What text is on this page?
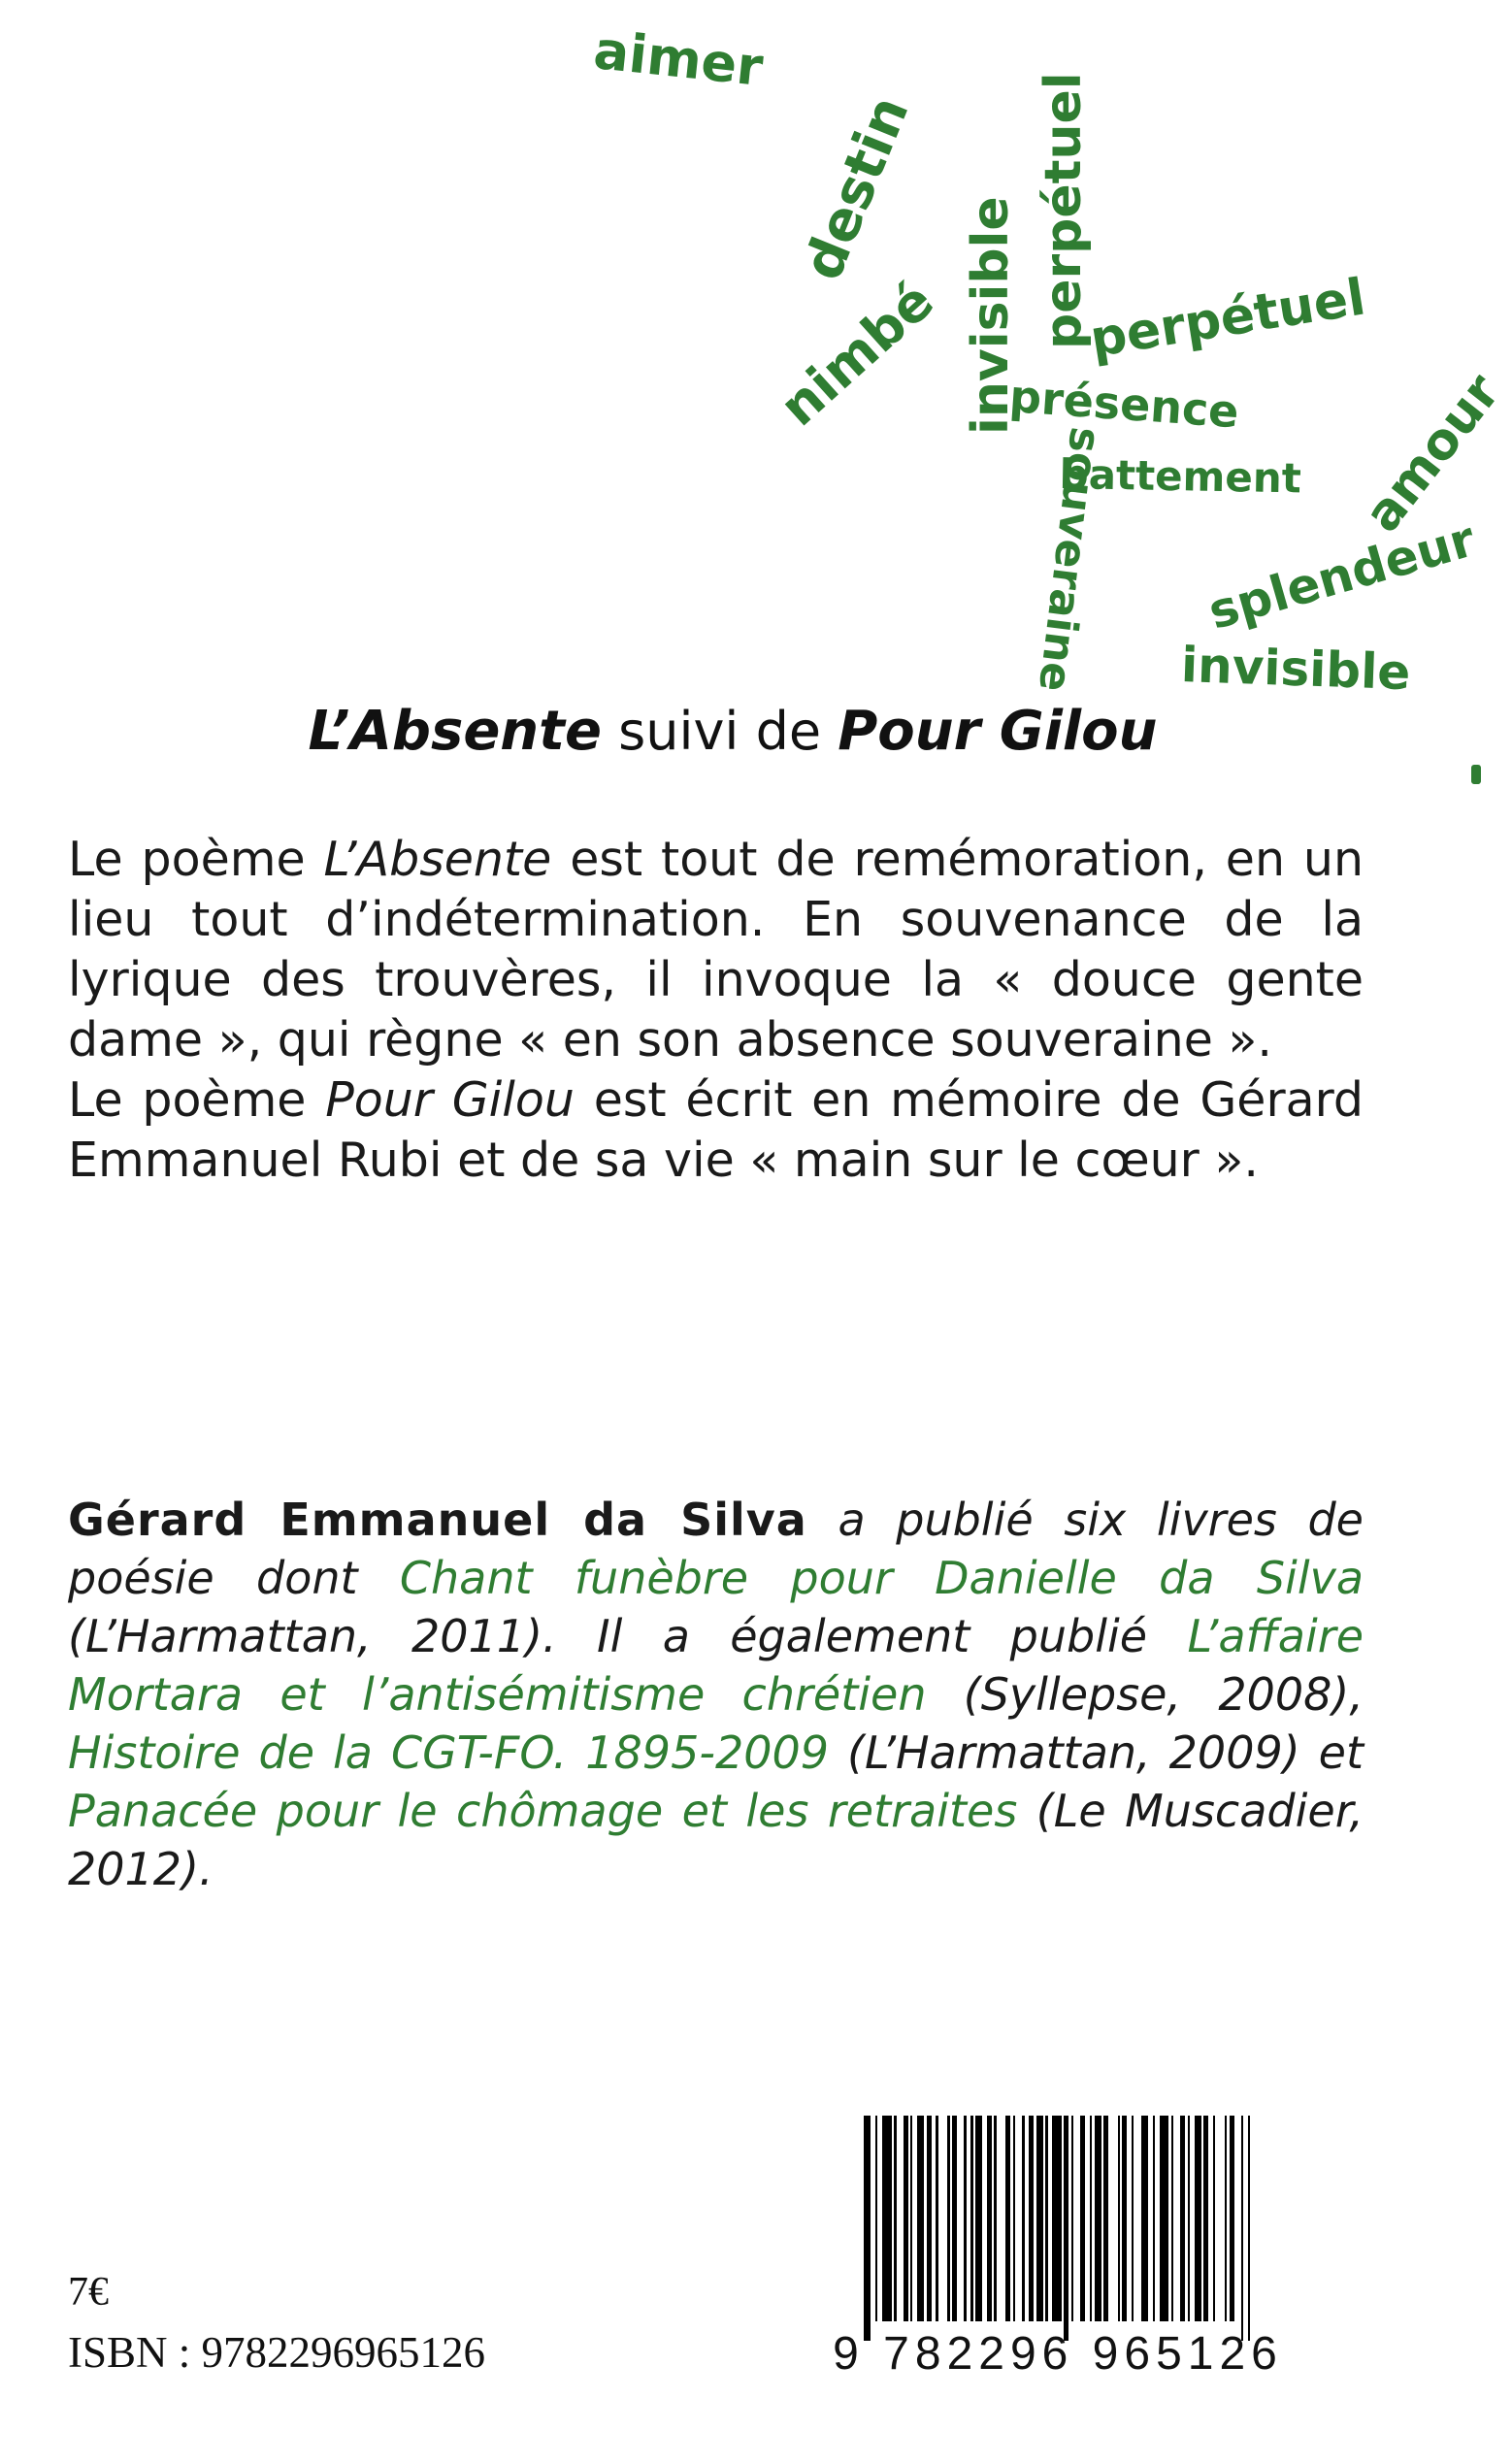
aimer
destin
nimbé invisible perpétuel
perpétuel
présence
souveraine
battement amour
splendeur
invisible
L’Absente suivi de Pour Gilou

Le poème L’Absente est tout de remémoration, en un lieu tout d’indétermination. En souvenance de la lyrique des trouvères, il invoque la « douce gente dame », qui règne « en son absence souveraine ».

Le poème Pour Gilou est écrit en mémoire de Gérard Emmanuel Rubi et de sa vie « main sur le cœur ».

Gérard Emmanuel da Silva a publié six livres de poésie dont Chant funèbre pour Danielle da Silva (L’Harmattan, 2011). Il a également publié L’affaire Mortara et l’antisémitisme chrétien (Syllepse, 2008), Histoire de la CGT-FO. 1895-2009 (L’Harmattan, 2009) et Panacée pour le chômage et les retraites (Le Muscadier, 2012).

7€
ISBN : 9782296965126	9 782296 965126
